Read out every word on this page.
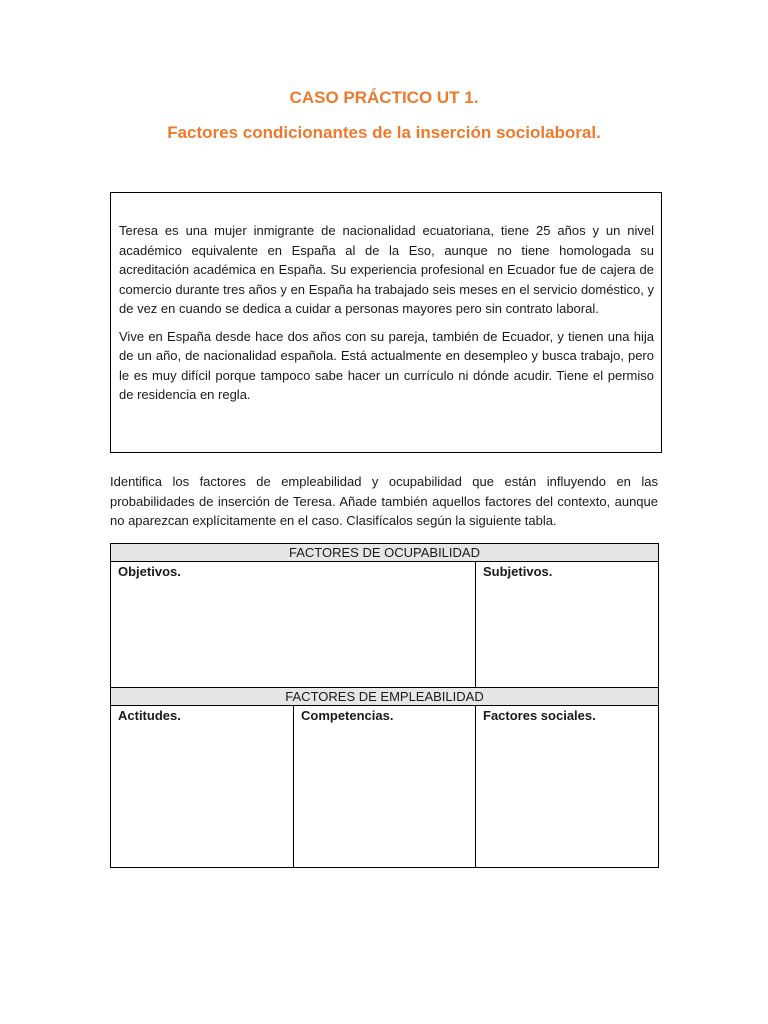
CASO PRÁCTICO UT 1.
Factores condicionantes de la inserción sociolaboral.

Teresa es una mujer inmigrante de nacionalidad ecuatoriana, tiene 25 años y un nivel académico equivalente en España al de la Eso, aunque no tiene homologada su acreditación académica en España. Su experiencia profesional en Ecuador fue de cajera de comercio durante tres años y en España ha trabajado seis meses en el servicio doméstico, y de vez en cuando se dedica a cuidar a personas mayores pero sin contrato laboral.

Vive en España desde hace dos años con su pareja, también de Ecuador, y tienen una hija de un año, de nacionalidad española. Está actualmente en desempleo y busca trabajo, pero le es muy difícil porque tampoco sabe hacer un currículo ni dónde acudir. Tiene el permiso de residencia en regla.

Identifica los factores de empleabilidad y ocupabilidad que están influyendo en las probabilidades de inserción de Teresa. Añade también aquellos factores del contexto, aunque no aparezcan explícitamente en el caso. Clasifícalos según la siguiente tabla.

FACTORES DE OCUPABILIDAD		
Objetivos.		Subjetivos.
FACTORES DE EMPLEABILIDAD		
Actitudes.	Competencias.	Factores sociales.
